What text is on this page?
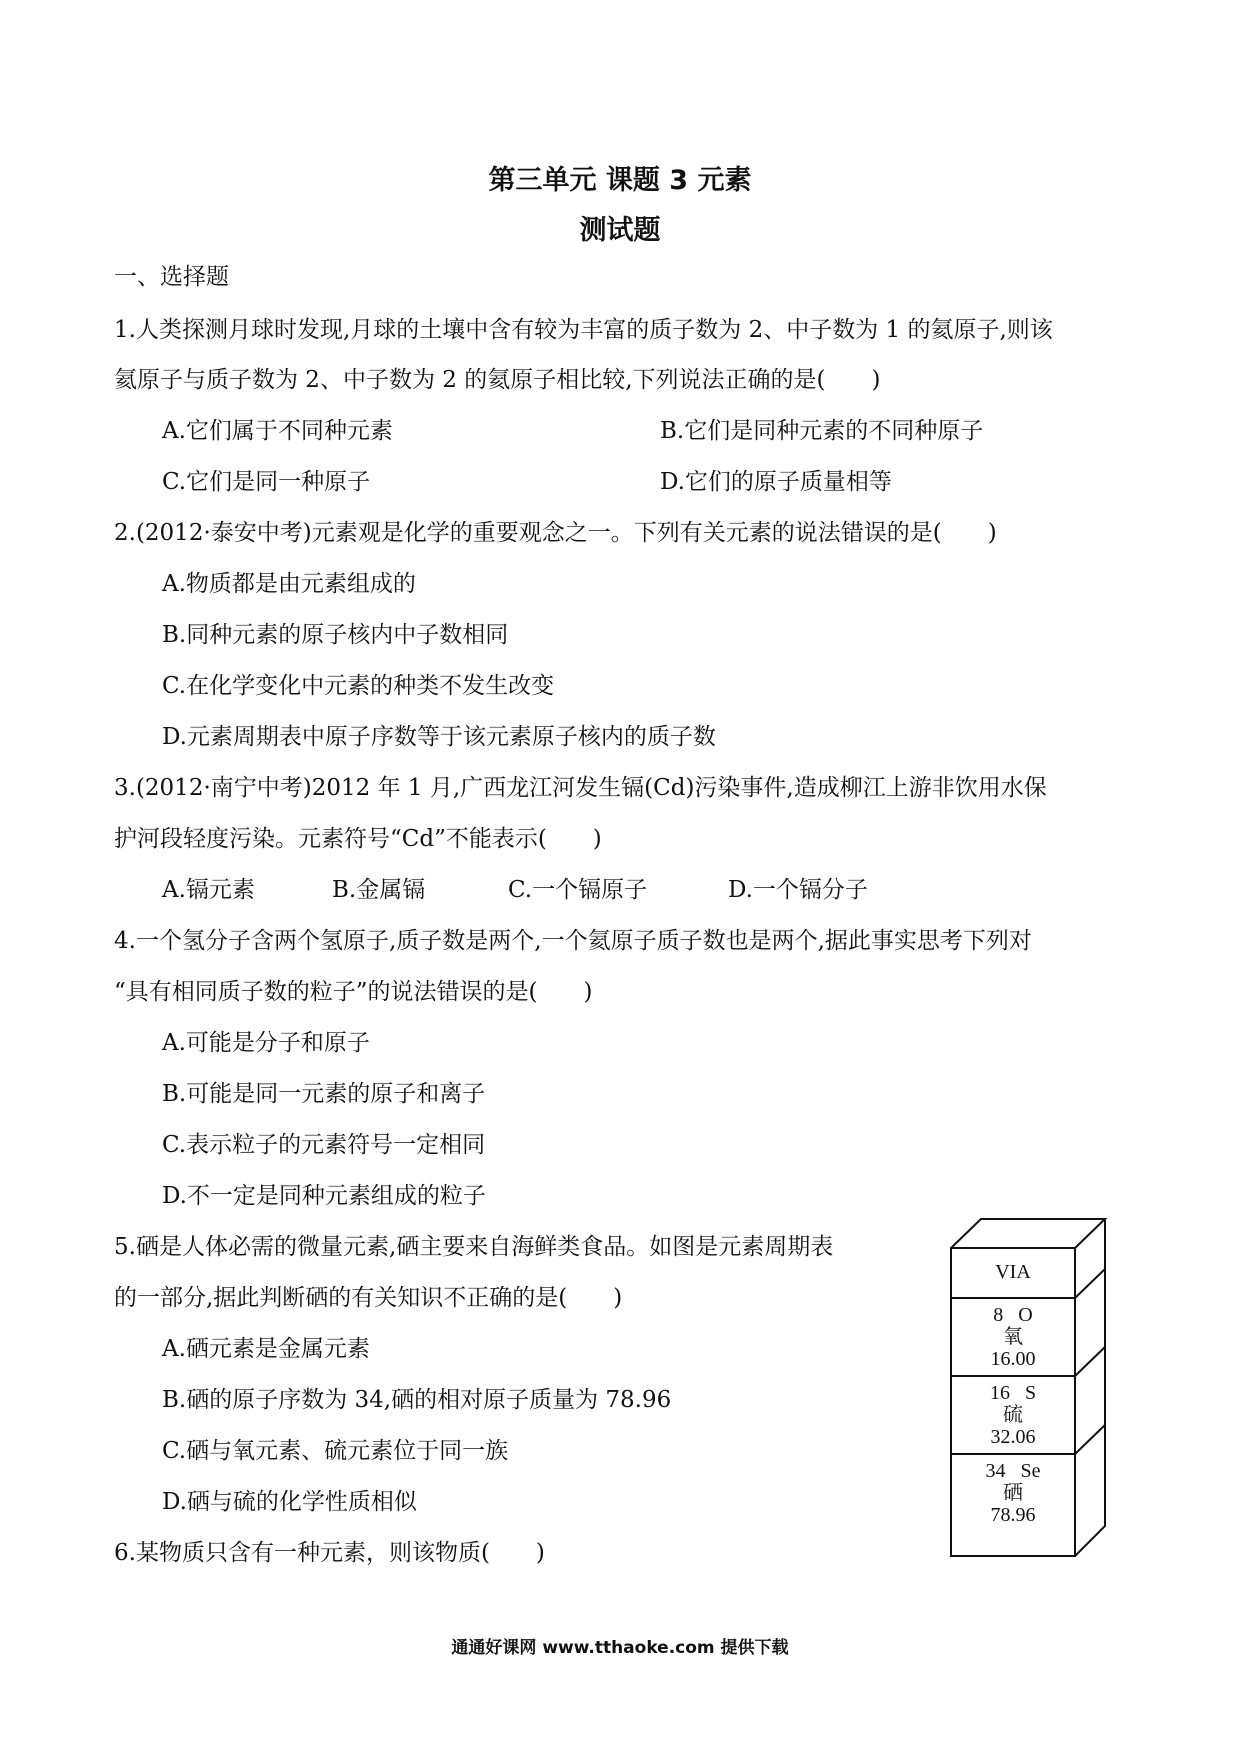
第三单元 课题 3 元素
测试题
一、选择题
1.人类探测月球时发现,月球的土壤中含有较为丰富的质子数为 2、中子数为 1 的氦原子,则该
氦原子与质子数为 2、中子数为 2 的氦原子相比较,下列说法正确的是(　　)
A.它们属于不同种元素	B.它们是同种元素的不同种原子
C.它们是同一种原子	D.它们的原子质量相等
2.(2012·泰安中考)元素观是化学的重要观念之一。下列有关元素的说法错误的是(　　)
A.物质都是由元素组成的
B.同种元素的原子核内中子数相同
C.在化学变化中元素的种类不发生改变
D.元素周期表中原子序数等于该元素原子核内的质子数
3.(2012·南宁中考)2012 年 1 月,广西龙江河发生镉(Cd)污染事件,造成柳江上游非饮用水保
护河段轻度污染。元素符号“Cd”不能表示(　　)
A.镉元素	B.金属镉	C.一个镉原子	D.一个镉分子
4.一个氢分子含两个氢原子,质子数是两个,一个氦原子质子数也是两个,据此事实思考下列对
“具有相同质子数的粒子”的说法错误的是(　　)
A.可能是分子和原子
B.可能是同一元素的原子和离子
C.表示粒子的元素符号一定相同
D.不一定是同种元素组成的粒子
5.硒是人体必需的微量元素,硒主要来自海鲜类食品。如图是元素周期表
的一部分,据此判断硒的有关知识不正确的是(　　)
A.硒元素是金属元素
B.硒的原子序数为 34,硒的相对原子质量为 78.96
C.硒与氧元素、硫元素位于同一族
D.硒与硫的化学性质相似
6.某物质只含有一种元素，则该物质(　　)
VIA
8 O
氧
16.00
16 S
硫
32.06
34 Se
硒
78.96
通通好课网 www.tthaoke.com 提供下载
